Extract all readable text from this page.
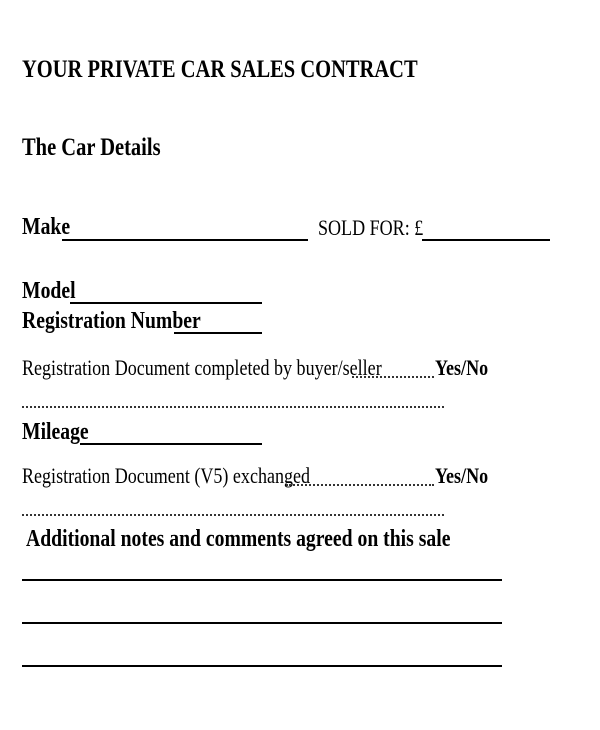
YOUR PRIVATE CAR SALES CONTRACT
The Car Details
Make	SOLD FOR: £
Model
Registration Number
Registration Document completed by buyer/seller	Yes/No
Mileage
Registration Document (V5) exchanged	Yes/No
Additional notes and comments agreed on this sale
